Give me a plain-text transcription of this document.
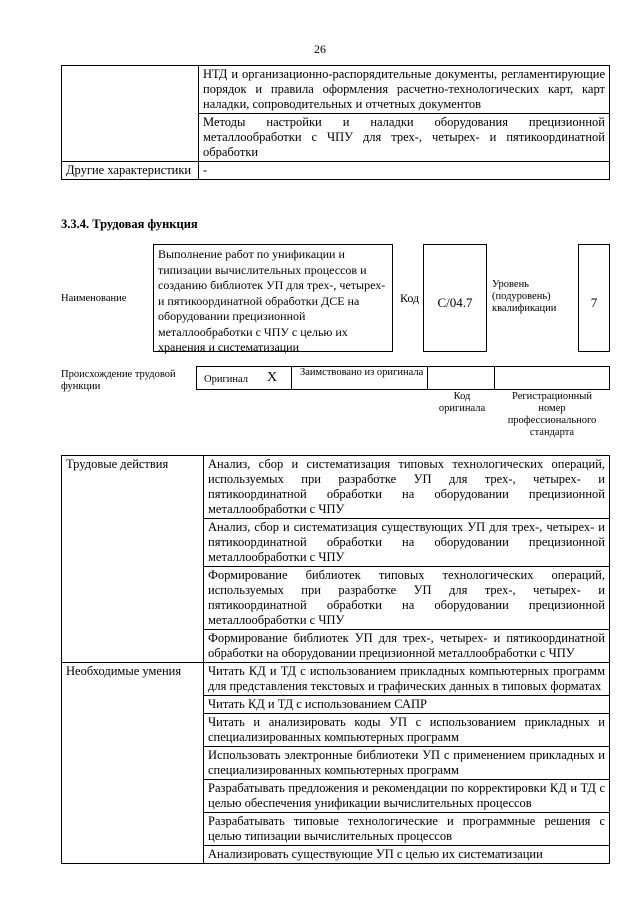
26
	НТД и организационно-распорядительные документы, регламентирующие порядок и правила оформления расчетно-технологических карт, карт наладки, сопроводительных и отчетных документов
	Методы настройки и наладки оборудования прецизионной металлообработки с ЧПУ для трех-, четырех- и пятикоординатной обработки
Другие характеристики	-
3.3.4. Трудовая функция
Наименование
Выполнение работ по унификации и типизации вычислительных процессов и созданию библиотек УП для трех-, четырех- и пятикоординатной обработки ДСЕ на оборудовании прецизионной металлообработки с ЧПУ с целью их хранения и систематизации
Код	С/04.7
Уровень (подуровень) квалификации	7
Происхождение трудовой функции
Оригинал X Заимствовано из оригинала
Код оригинала
Регистрационный номер профессионального стандарта
Трудовые действия	Анализ, сбор и систематизация типовых технологических операций, используемых при разработке УП для трех-, четырех- и пятикоординатной обработки на оборудовании прецизионной металлообработки с ЧПУ
	Анализ, сбор и систематизация существующих УП для трех-, четырех- и пятикоординатной обработки на оборудовании прецизионной металлообработки с ЧПУ
	Формирование библиотек типовых технологических операций, используемых при разработке УП для трех-, четырех- и пятикоординатной обработки на оборудовании прецизионной металлообработки с ЧПУ
	Формирование библиотек УП для трех-, четырех- и пятикоординатной обработки на оборудовании прецизионной металлообработки с ЧПУ
Необходимые умения	Читать КД и ТД с использованием прикладных компьютерных программ для представления текстовых и графических данных в типовых форматах
	Читать КД и ТД с использованием САПР
	Читать и анализировать коды УП с использованием прикладных и специализированных компьютерных программ
	Использовать электронные библиотеки УП с применением прикладных и специализированных компьютерных программ
	Разрабатывать предложения и рекомендации по корректировки КД и ТД с целью обеспечения унификации вычислительных процессов
	Разрабатывать типовые технологические и программные решения с целью типизации вычислительных процессов
	Анализировать существующие УП с целью их систематизации
